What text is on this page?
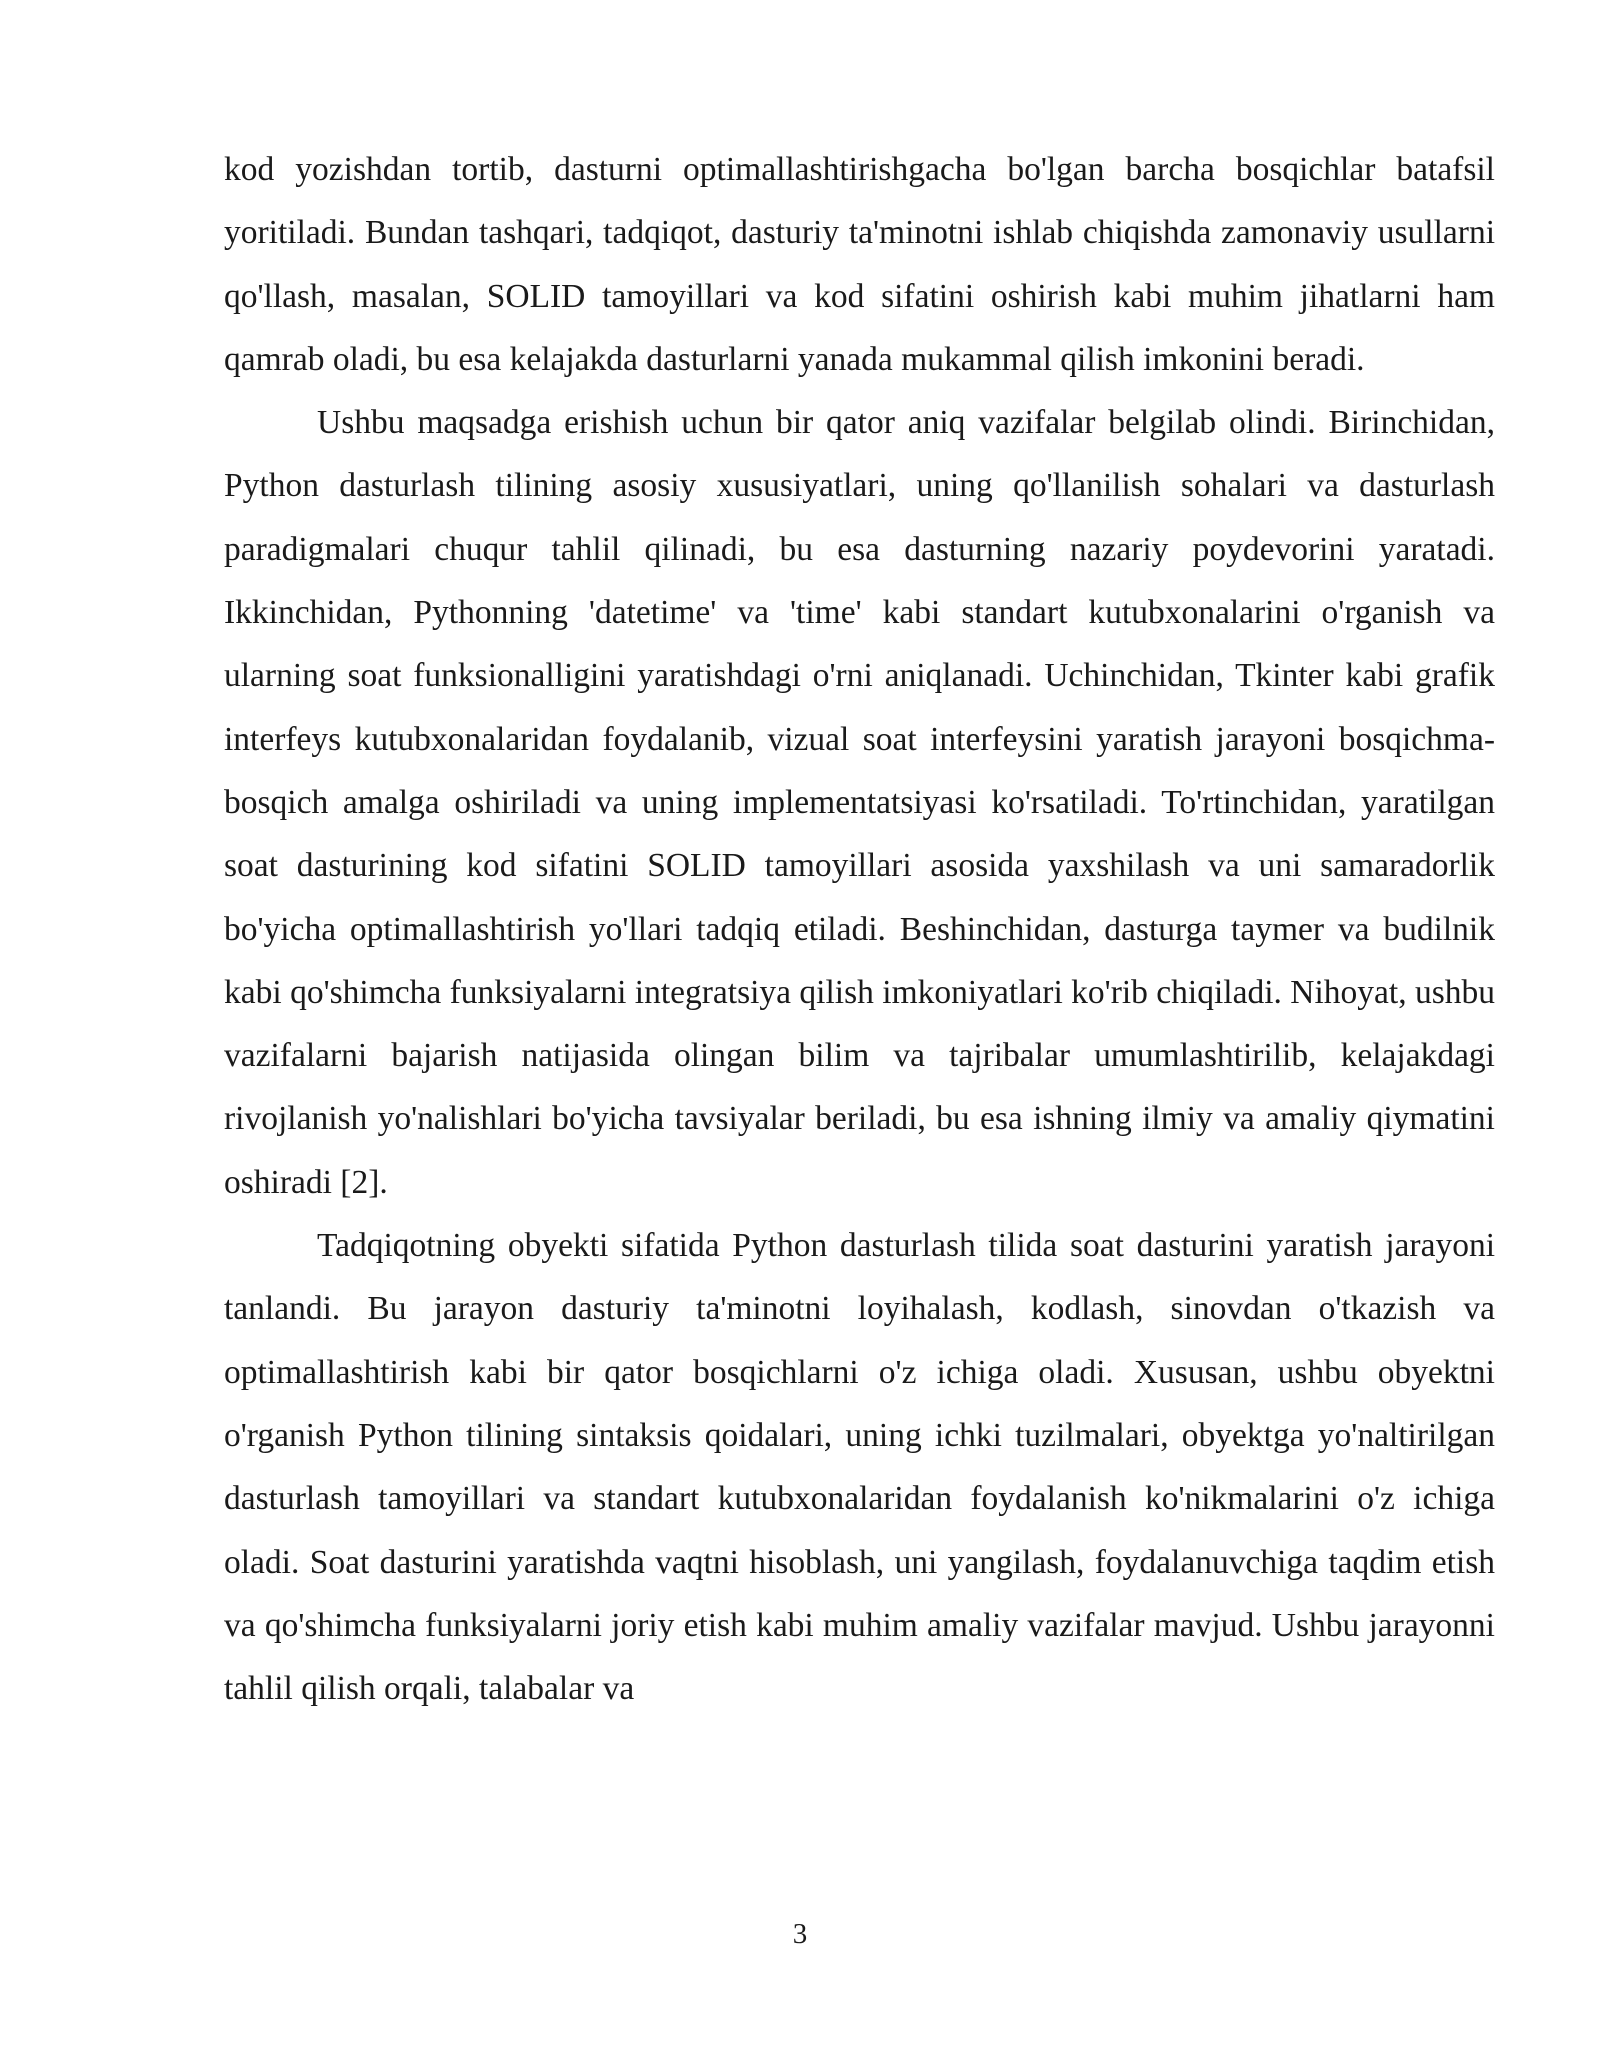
kod yozishdan tortib, dasturni optimallashtirishgacha bo'lgan barcha bosqichlar batafsil yoritiladi. Bundan tashqari, tadqiqot, dasturiy ta'minotni ishlab chiqishda zamonaviy usullarni qo'llash, masalan, SOLID tamoyillari va kod sifatini oshirish kabi muhim jihatlarni ham qamrab oladi, bu esa kelajakda dasturlarni yanada mukammal qilish imkonini beradi.

Ushbu maqsadga erishish uchun bir qator aniq vazifalar belgilab olindi. Birinchidan, Python dasturlash tilining asosiy xususiyatlari, uning qo'llanilish sohalari va dasturlash paradigmalari chuqur tahlil qilinadi, bu esa dasturning nazariy poydevorini yaratadi. Ikkinchidan, Pythonning 'datetime' va 'time' kabi standart kutubxonalarini o'rganish va ularning soat funksionalligini yaratishdagi o'rni aniqlanadi. Uchinchidan, Tkinter kabi grafik interfeys kutubxonalaridan foydalanib, vizual soat interfeysini yaratish jarayoni bosqichma-bosqich amalga oshiriladi va uning implementatsiyasi ko'rsatiladi. To'rtinchidan, yaratilgan soat dasturining kod sifatini SOLID tamoyillari asosida yaxshilash va uni samaradorlik bo'yicha optimallashtirish yo'llari tadqiq etiladi. Beshinchidan, dasturga taymer va budilnik kabi qo'shimcha funksiyalarni integratsiya qilish imkoniyatlari ko'rib chiqiladi. Nihoyat, ushbu vazifalarni bajarish natijasida olingan bilim va tajribalar umumlashtirilib, kelajakdagi rivojlanish yo'nalishlari bo'yicha tavsiyalar beriladi, bu esa ishning ilmiy va amaliy qiymatini oshiradi [2].

Tadqiqotning obyekti sifatida Python dasturlash tilida soat dasturini yaratish jarayoni tanlandi. Bu jarayon dasturiy ta'minotni loyihalash, kodlash, sinovdan o'tkazish va optimallashtirish kabi bir qator bosqichlarni o'z ichiga oladi. Xususan, ushbu obyektni o'rganish Python tilining sintaksis qoidalari, uning ichki tuzilmalari, obyektga yo'naltirilgan dasturlash tamoyillari va standart kutubxonalaridan foydalanish ko'nikmalarini o'z ichiga oladi. Soat dasturini yaratishda vaqtni hisoblash, uni yangilash, foydalanuvchiga taqdim etish va qo'shimcha funksiyalarni joriy etish kabi muhim amaliy vazifalar mavjud. Ushbu jarayonni tahlil qilish orqali, talabalar va

3
